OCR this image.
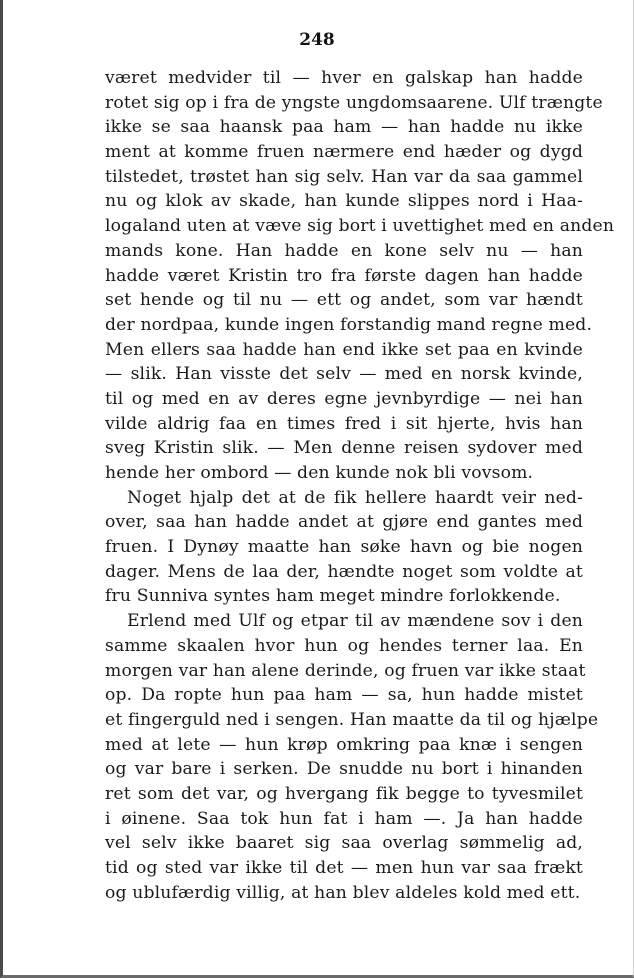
248
været medvider til — hver en galskap han hadde
rotet sig op i fra de yngste ungdomsaarene. Ulf trængte
ikke se saa haansk paa ham — han hadde nu ikke
ment at komme fruen nærmere end hæder og dygd
tilstedet, trøstet han sig selv. Han var da saa gammel
nu og klok av skade, han kunde slippes nord i Haa-
logaland uten at væve sig bort i uvettighet med en anden
mands kone. Han hadde en kone selv nu — han
hadde været Kristin tro fra første dagen han hadde
set hende og til nu — ett og andet, som var hændt
der nordpaa, kunde ingen forstandig mand regne med.
Men ellers saa hadde han end ikke set paa en kvinde
— slik. Han visste det selv — med en norsk kvinde,
til og med en av deres egne jevnbyrdige — nei han
vilde aldrig faa en times fred i sit hjerte, hvis han
sveg Kristin slik. — Men denne reisen sydover med
hende her ombord — den kunde nok bli vovsom.
Noget hjalp det at de fik hellere haardt veir ned-
over, saa han hadde andet at gjøre end gantes med
fruen. I Dynøy maatte han søke havn og bie nogen
dager. Mens de laa der, hændte noget som voldte at
fru Sunniva syntes ham meget mindre forlokkende.
Erlend med Ulf og etpar til av mændene sov i den
samme skaalen hvor hun og hendes terner laa. En
morgen var han alene derinde, og fruen var ikke staat
op. Da ropte hun paa ham — sa, hun hadde mistet
et fingerguld ned i sengen. Han maatte da til og hjælpe
med at lete — hun krøp omkring paa knæ i sengen
og var bare i serken. De snudde nu bort i hinanden
ret som det var, og hvergang fik begge to tyvesmilet
i øinene. Saa tok hun fat i ham —. Ja han hadde
vel selv ikke baaret sig saa overlag sømmelig ad,
tid og sted var ikke til det — men hun var saa frækt
og ublufærdig villig, at han blev aldeles kold med ett.
